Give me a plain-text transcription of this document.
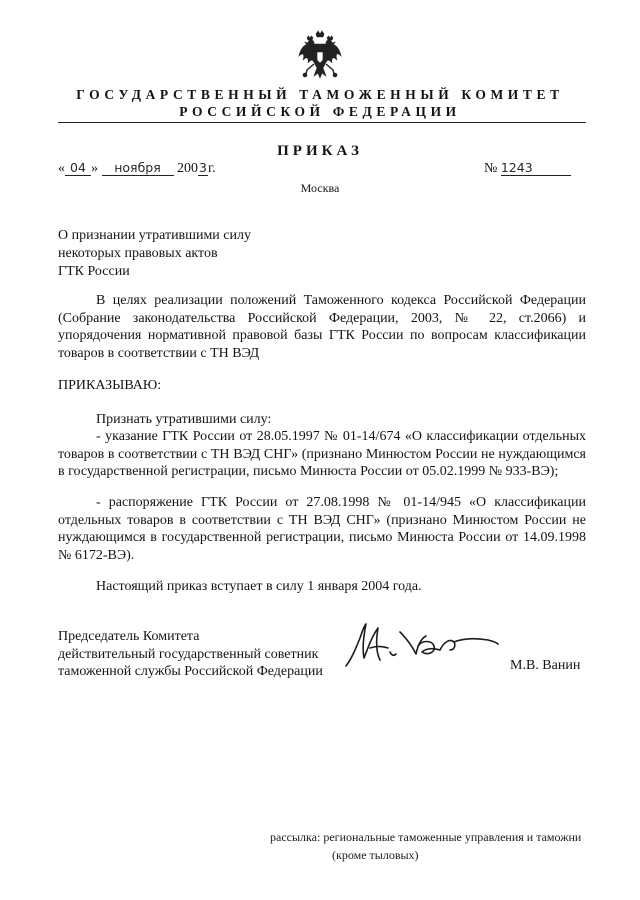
ГОСУДАРСТВЕННЫЙ ТАМОЖЕННЫЙ КОМИТЕТ
РОССИЙСКОЙ ФЕДЕРАЦИИ
ПРИКАЗ
« 04 » ноября 2003г.	№ 1243
Москва
О признании утратившими силу
некоторых правовых актов
ГТК России

В целях реализации положений Таможенного кодекса Российской Федерации (Собрание законодательства Российской Федерации, 2003, № 22, ст.2066) и упорядочения нормативной правовой базы ГТК России по вопросам классификации товаров в соответствии с ТН ВЭД

ПРИКАЗЫВАЮ:

Признать утратившими силу:

- указание ГТК России от 28.05.1997 № 01-14/674 «О классификации отдельных товаров в соответствии с ТН ВЭД СНГ» (признано Минюстом России не нуждающимся в государственной регистрации, письмо Минюста России от 05.02.1999 № 933-ВЭ);

- распоряжение ГТК России от 27.08.1998 № 01-14/945 «О классификации отдельных товаров в соответствии с ТН ВЭД СНГ» (признано Минюстом России не нуждающимся в государственной регистрации, письмо Минюста России от 14.09.1998 № 6172-ВЭ).

Настоящий приказ вступает в силу 1 января 2004 года.

Председатель Комитета
действительный государственный советник
таможенной службы Российской Федерации	М.В. Ванин
рассылка: региональные таможенные управления и таможни
(кроме тыловых)
